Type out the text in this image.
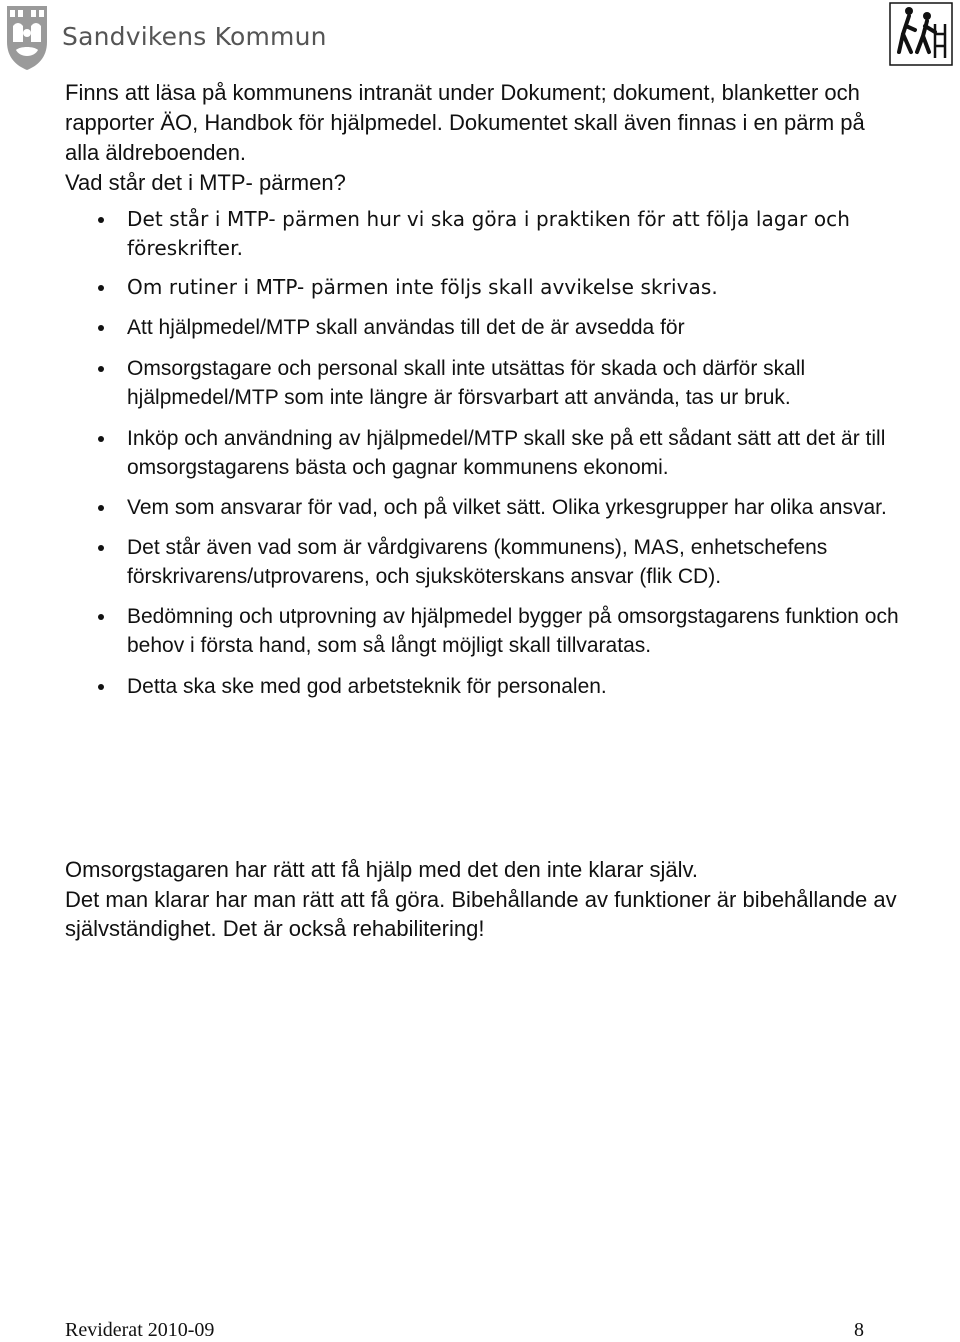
Sandvikens Kommun

Finns att läsa på kommunens intranät under Dokument; dokument, blanketter och rapporter ÄO, Handbok för hjälpmedel. Dokumentet skall även finnas i en pärm på alla äldreboenden.

Vad står det i MTP- pärmen?

Det står i MTP- pärmen hur vi ska göra i praktiken för att följa lagar och föreskrifter.
Om rutiner i MTP- pärmen inte följs skall avvikelse skrivas.
Att hjälpmedel/MTP skall användas till det de är avsedda för
Omsorgstagare och personal skall inte utsättas för skada och därför skall hjälpmedel/MTP som inte längre är försvarbart att använda, tas ur bruk.
Inköp och användning av hjälpmedel/MTP skall ske på ett sådant sätt att det är till omsorgstagarens bästa och gagnar kommunens ekonomi.
Vem som ansvarar för vad, och på vilket sätt. Olika yrkesgrupper har olika ansvar.
Det står även vad som är vårdgivarens (kommunens), MAS, enhetschefens förskrivarens/utprovarens, och sjuksköterskans ansvar (flik CD).
Bedömning och utprovning av hjälpmedel bygger på omsorgstagarens funktion och behov i första hand, som så långt möjligt skall tillvaratas.
Detta ska ske med god arbetsteknik för personalen.

Omsorgstagaren har rätt att få hjälp med det den inte klarar själv.
Det man klarar har man rätt att få göra. Bibehållande av funktioner är bibehållande av självständighet. Det är också rehabilitering!

Reviderat 2010-09	8
